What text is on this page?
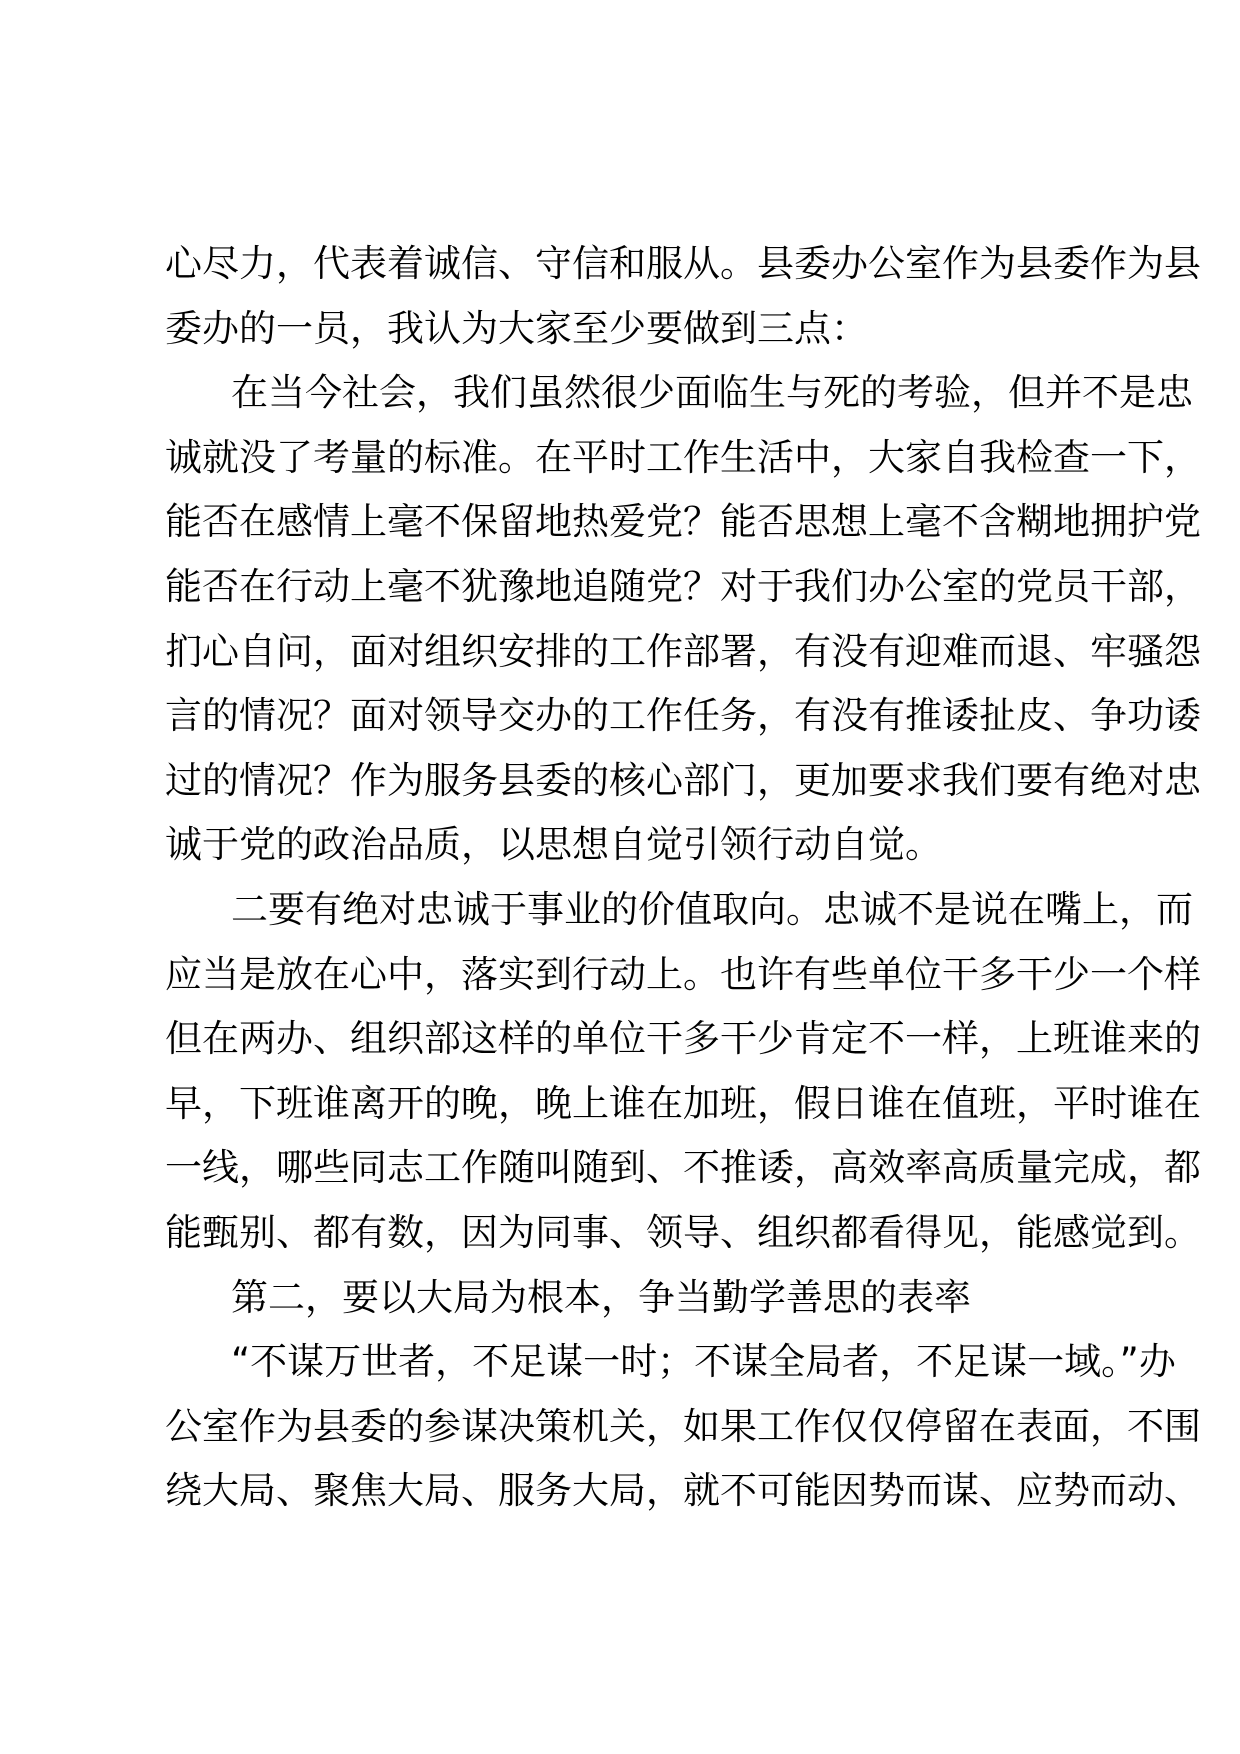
心尽力，代表着诚信、守信和服从。县委办公室作为县委作为县
委办的一员，我认为大家至少要做到三点：
在当今社会，我们虽然很少面临生与死的考验，但并不是忠
诚就没了考量的标准。在平时工作生活中，大家自我检查一下，
能否在感情上毫不保留地热爱党？能否思想上毫不含糊地拥护党
能否在行动上毫不犹豫地追随党？对于我们办公室的党员干部，
扪心自问，面对组织安排的工作部署，有没有迎难而退、牢骚怨
言的情况？面对领导交办的工作任务，有没有推诿扯皮、争功诿
过的情况？作为服务县委的核心部门，更加要求我们要有绝对忠
诚于党的政治品质，以思想自觉引领行动自觉。
二要有绝对忠诚于事业的价值取向。忠诚不是说在嘴上，而
应当是放在心中，落实到行动上。也许有些单位干多干少一个样
但在两办、组织部这样的单位干多干少肯定不一样，上班谁来的
早，下班谁离开的晚，晚上谁在加班，假日谁在值班，平时谁在
一线，哪些同志工作随叫随到、不推诿，高效率高质量完成，都
能甄别、都有数，因为同事、领导、组织都看得见，能感觉到。
第二，要以大局为根本，争当勤学善思的表率
“不谋万世者，不足谋一时；不谋全局者，不足谋一域。”办
公室作为县委的参谋决策机关，如果工作仅仅停留在表面，不围
绕大局、聚焦大局、服务大局，就不可能因势而谋、应势而动、
